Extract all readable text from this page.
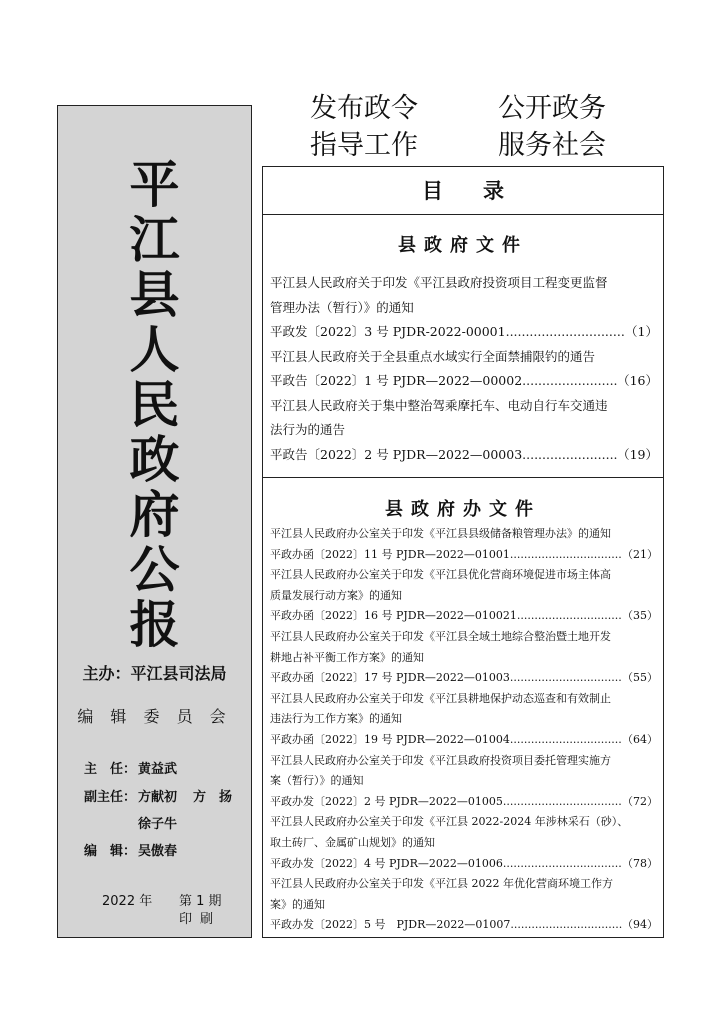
发布政令	公开政务
指导工作	服务社会
平
江
县
人
民
政
府
公
报
主办：平江县司法局
编 辑 委 员 会
主　任： 黄益武
副主任： 方献初 方　扬
徐子牛
编　辑： 吴傲春
2022 年 第 1 期
印刷
目录
县政府文件
平江县人民政府关于印发《平江县政府投资项目工程变更监督
管理办法（暂行）》的通知
平政发〔2022〕3 号 PJDR-2022-00001 .....	（1）
平江县人民政府关于全县重点水域实行全面禁捕限钓的通告
平政告〔2022〕1 号 PJDR—2022—00002 .....	（16）
平江县人民政府关于集中整治驾乘摩托车、电动自行车交通违
法行为的通告
平政告〔2022〕2 号 PJDR—2022—00003 .....	（19）
县政府办文件
平江县人民政府办公室关于印发《平江县县级储备粮管理办法》的通知
平政办函〔2022〕11 号 PJDR—2022—01001 .....	（21）
平江县人民政府办公室关于印发《平江县优化营商环境促进市场主体高
质量发展行动方案》的通知
平政办函〔2022〕16 号 PJDR—2022—010021 .....	（35）
平江县人民政府办公室关于印发《平江县全域土地综合整治暨土地开发
耕地占补平衡工作方案》的通知
平政办函〔2022〕17 号 PJDR—2022—01003 .....	（55）
平江县人民政府办公室关于印发《平江县耕地保护动态巡查和有效制止
违法行为工作方案》的通知
平政办函〔2022〕19 号 PJDR—2022—01004 .....	（64）
平江县人民政府办公室关于印发《平江县政府投资项目委托管理实施方
案（暂行）》的通知
平政办发〔2022〕2 号 PJDR—2022—01005 .....	（72）
平江县人民政府办公室关于印发《平江县 2022-2024 年涉林采石（砂）、
取土砖厂、金属矿山规划》的通知
平政办发〔2022〕4 号 PJDR—2022—01006 .....	（78）
平江县人民政府办公室关于印发《平江县 2022 年优化营商环境工作方
案》的通知
平政办发〔2022〕5 号　PJDR—2022—01007 .....	（94）
